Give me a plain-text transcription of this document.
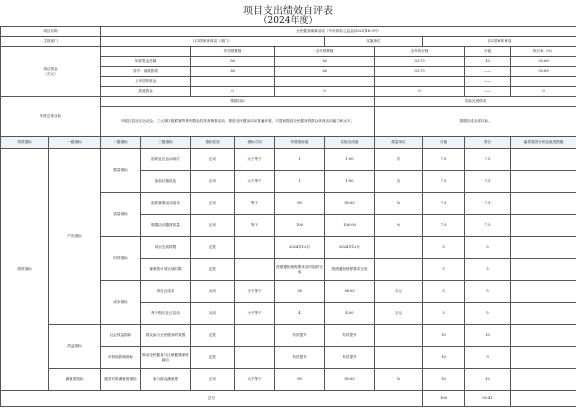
项目支出绩效自评表
（2024年度）
项目名称		全民健身赛事活动（中央体彩公益金[2023]16-3号）									
主管部门		区2国家体育局（部门）					实施单位		区2国家体育局		
项目资金
（万元）				年初预算数		全年预算数		全年执行数		分值	执行率（%）
		年度资金总额		36		36		33.73		10	93.69
		其中：财政拨款		36		36		33.73		——	93.69
		上年结转资金								——	
		其他资金		0		0		0		——	0
年度总体目标		预期目标						实际完成情况			
		开展区县社区运动会、三大球区级联赛等系列群众性体育赛事活动，推进全民健身活动普遍开展，丰富和提高全民健身的群众体育活动能力和水平。						按期完成全部目标。			
绩效指标	一级指标	二级指标	三级指标	指标性质	指标方向	年度指标值	实际完成值	度量单位	分值	得分	偏差原因分析及改进措施
绩效指标	产出指标	数量指标	组织社区运动场次	正向	大于等于	1	1.00	次	7.5	7.5	
			参加社赛队伍	正向	大于等于	1	1.00	支	7.5	7.5	
		质量指标	组织赛事活动成本	正向	等于	90	90.00	%	7.5	7.5	
			购置活动器材质量	正向	等于	100	100.00	%	7.5	7.5	
		时效指标	项目完成时限	定性		2024年12月	2024年12月		5	5	
			赛事按计划完成时限	定性		按照通知规程要求及时组织完成	按照通知规程要求完成		5	5	
		成本指标	项目总成本	反向	小于等于	36	36.00	万元	5	5	
			每个街区社区活动	反向	小于等于	4	4.00	万元	5	5	
	效益指标	社会效益指标	群众参与全民健身的氛围	定性		有效提升	有效提升		10	10	
		可持续影响指标	推动全民健身与区域健康深度融合	定性		有效提升	有效提升		10	9	
	满意度指标	服务对象满意度指标	参与群众满意度	正向	大于等于	90	90.00	%	10	10	
总分									100	93.41	
